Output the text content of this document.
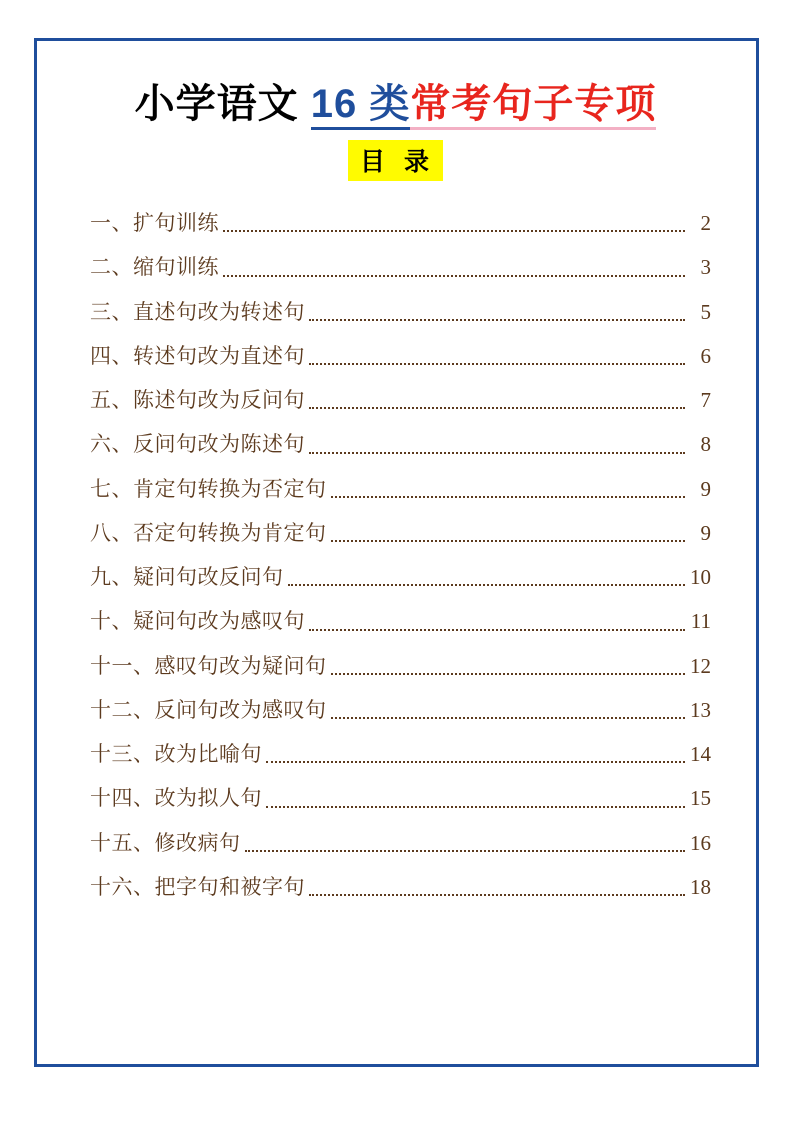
小学语文 16 类常考句子专项
目 录
一、扩句训练	2
二、缩句训练	3
三、直述句改为转述句	5
四、转述句改为直述句	6
五、陈述句改为反问句	7
六、反问句改为陈述句	8
七、肯定句转换为否定句	9
八、否定句转换为肯定句	9
九、疑问句改反问句	10
十、疑问句改为感叹句	11
十一、感叹句改为疑问句	12
十二、反问句改为感叹句	13
十三、改为比喻句	14
十四、改为拟人句	15
十五、修改病句	16
十六、把字句和被字句	18
